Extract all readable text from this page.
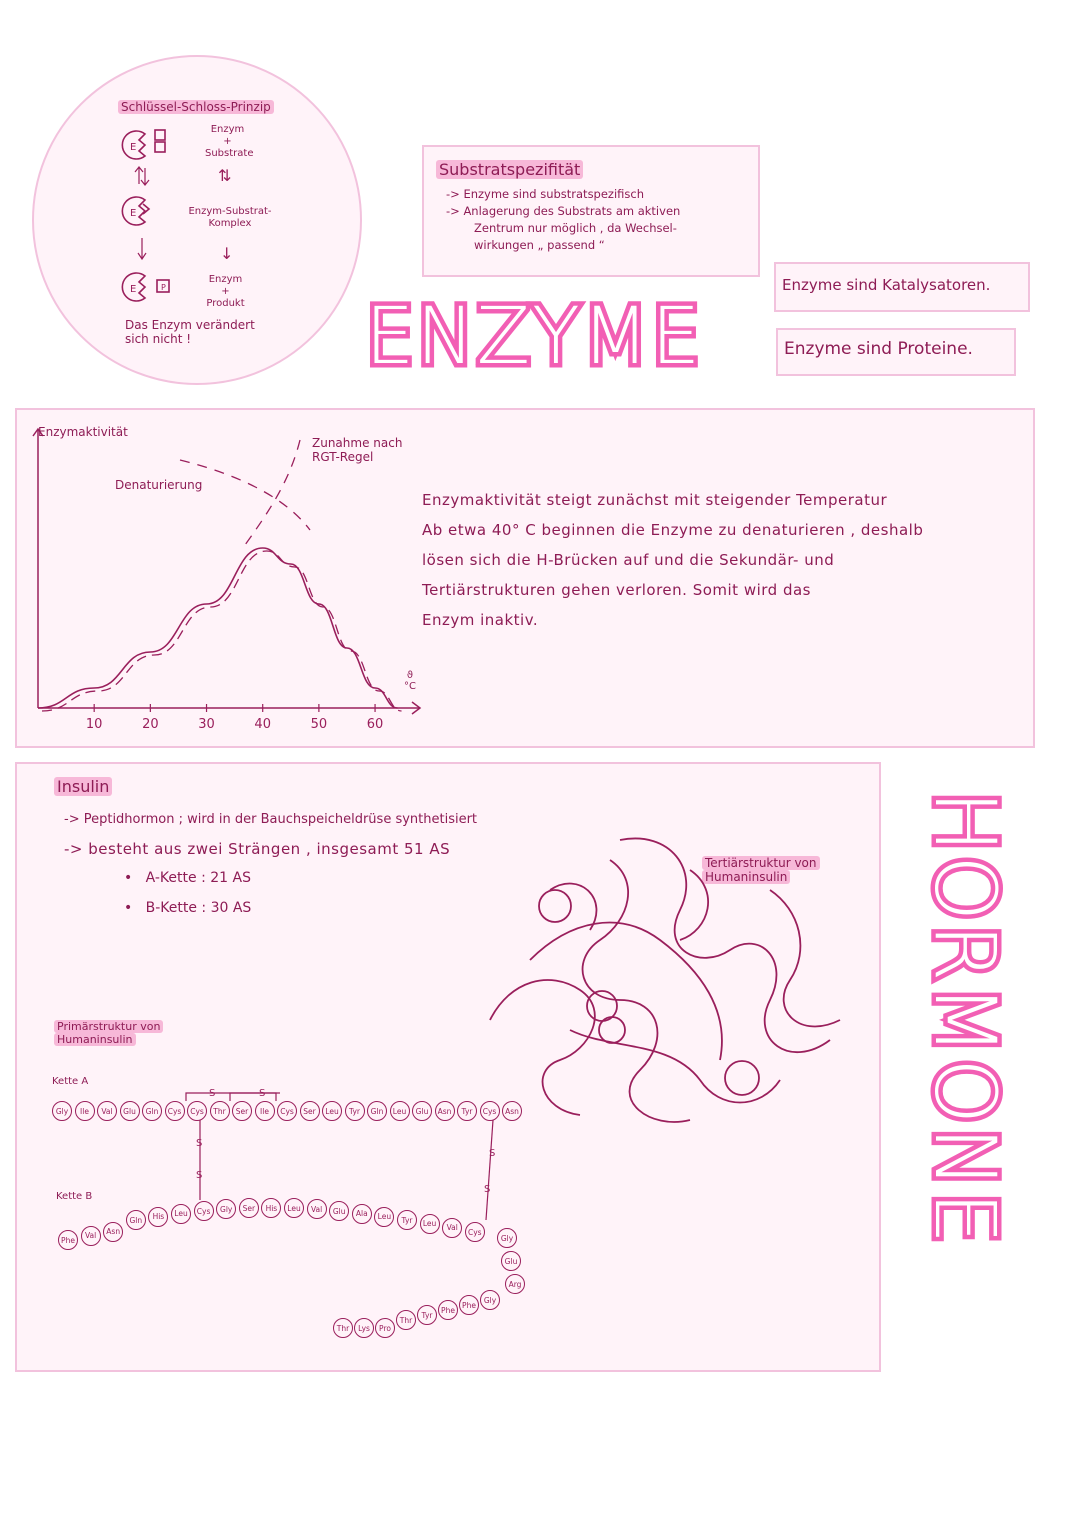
Schlüssel-Schloss-Prinzip
E
E
E	P
Enzym
+
Substrate
⇅
Enzym-Substrat-
Komplex
↓
Enzym
+
Produkt
Das Enzym verändert
sich nicht !
Substratspezifität
-> Enzyme sind substratspezifisch
-> Anlagerung des Substrats am aktiven
Zentrum nur möglich , da Wechsel-
wirkungen „ passend “
Enzyme sind Katalysatoren.
Enzyme sind Proteine.
ENZYME
10	20	30	40	50	60
Enzymaktivität
Denaturierung
Zunahme nach
RGT-Regel
ϑ
°C
Enzymaktivität steigt zunächst mit steigender Temperatur
Ab etwa 40° C beginnen die Enzyme zu denaturieren , deshalb
lösen sich die H-Brücken auf und die Sekundär- und
Tertiärstrukturen gehen verloren. Somit wird das
Enzym inaktiv.
Insulin
-> Peptidhormon ; wird in der Bauchspeicheldrüse synthetisiert
-> besteht aus zwei Strängen , insgesamt 51 AS
•   A-Kette : 21 AS
•   B-Kette : 30 AS
Primärstruktur von
Humaninsulin
Tertiärstruktur von
Humaninsulin
Kette A
Kette B
S	S
S
S
S
S
Gly	Ile	Val	Glu	Gln	Cys	Cys	Thr	Ser	Ile	Cys	Ser	Leu	Tyr	Gln	Leu	Glu	Asn	Tyr	Cys	Asn
Phe	Val	Asn
Gln	His	Leu	Cys	Gly	Ser	His	Leu	Val	Glu	Ala	Leu	Tyr	Leu	Val	Cys
Gly
Glu
Arg
Gly
Phe
Phe
Tyr
Thr
Pro
Lys
Thr
HORMONE
